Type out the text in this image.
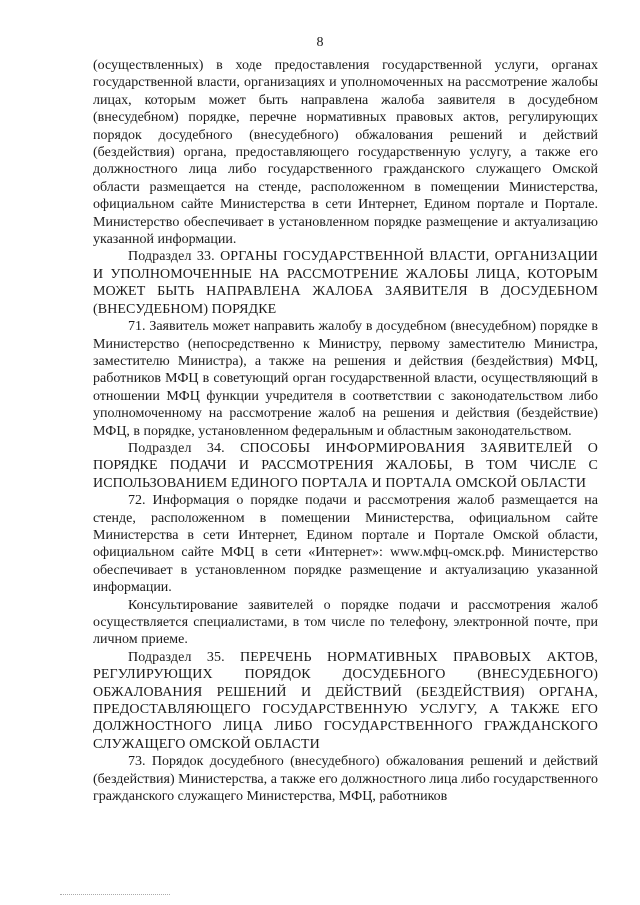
8

(осуществленных) в ходе предоставления государственной услуги, органах государственной власти, организациях и уполномоченных на рассмотрение жалобы лицах, которым может быть направлена жалоба заявителя в досудебном (внесудебном) порядке, перечне нормативных правовых актов, регулирующих порядок досудебного (внесудебного) обжалования решений и действий (бездействия) органа, предоставляющего государственную услугу, а также его должностного лица либо государственного гражданского служащего Омской области размещается на стенде, расположенном в помещении Министерства, официальном сайте Министерства в сети Интернет, Едином портале и Портале. Министерство обеспечивает в установленном порядке размещение и актуализацию указанной информации.

Подраздел 33. ОРГАНЫ ГОСУДАРСТВЕННОЙ ВЛАСТИ, ОРГАНИЗАЦИИ И УПОЛНОМОЧЕННЫЕ НА РАССМОТРЕНИЕ ЖАЛОБЫ ЛИЦА, КОТОРЫМ МОЖЕТ БЫТЬ НАПРАВЛЕНА ЖАЛОБА ЗАЯВИТЕЛЯ В ДОСУДЕБНОМ (ВНЕСУДЕБНОМ) ПОРЯДКЕ

71. Заявитель может направить жалобу в досудебном (внесудебном) порядке в Министерство (непосредственно к Министру, первому заместителю Министра, заместителю Министра), а также на решения и действия (бездействия) МФЦ, работников МФЦ в советующий орган государственной власти, осуществляющий в отношении МФЦ функции учредителя в соответствии с законодательством либо уполномоченному на рассмотрение жалоб на решения и действия (бездействие) МФЦ, в порядке, установленном федеральным и областным законодательством.

Подраздел 34. СПОСОБЫ ИНФОРМИРОВАНИЯ ЗАЯВИТЕЛЕЙ О ПОРЯДКЕ ПОДАЧИ И РАССМОТРЕНИЯ ЖАЛОБЫ, В ТОМ ЧИСЛЕ С ИСПОЛЬЗОВАНИЕМ ЕДИНОГО ПОРТАЛА И ПОРТАЛА ОМСКОЙ ОБЛАСТИ

72. Информация о порядке подачи и рассмотрения жалоб размещается на стенде, расположенном в помещении Министерства, официальном сайте Министерства в сети Интернет, Едином портале и Портале Омской области, официальном сайте МФЦ в сети «Интернет»: www.мфц-омск.рф. Министерство обеспечивает в установленном порядке размещение и актуализацию указанной информации.

Консультирование заявителей о порядке подачи и рассмотрения жалоб осуществляется специалистами, в том числе по телефону, электронной почте, при личном приеме.

Подраздел 35. ПЕРЕЧЕНЬ НОРМАТИВНЫХ ПРАВОВЫХ АКТОВ, РЕГУЛИРУЮЩИХ ПОРЯДОК ДОСУДЕБНОГО (ВНЕСУДЕБНОГО) ОБЖАЛОВАНИЯ РЕШЕНИЙ И ДЕЙСТВИЙ (БЕЗДЕЙСТВИЯ) ОРГАНА, ПРЕДОСТАВЛЯЮЩЕГО ГОСУДАРСТВЕННУЮ УСЛУГУ, А ТАКЖЕ ЕГО ДОЛЖНОСТНОГО ЛИЦА ЛИБО ГОСУДАРСТВЕННОГО ГРАЖДАНСКОГО СЛУЖАЩЕГО ОМСКОЙ ОБЛАСТИ

73. Порядок досудебного (внесудебного) обжалования решений и действий (бездействия) Министерства, а также его должностного лица либо государственного гражданского служащего Министерства, МФЦ, работников
